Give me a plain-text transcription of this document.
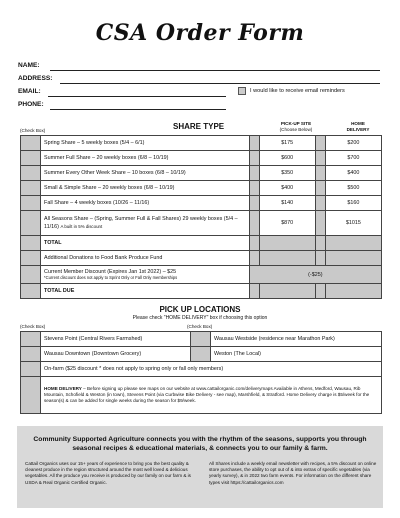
CSA Order Form
NAME:
ADDRESS:
EMAIL:	I would like to receive email reminders
PHONE:
(Check Box)	SHARE TYPE	PICK-UP SITE
(Choose Below)
HOME
DELIVERY
	Spring Share – 5 weekly boxes (5/4 – 6/1)		$175		$200
	Summer Full Share – 20 weekly boxes (6/8 – 10/19)		$600		$700
	Summer Every Other Week Share – 10 boxes (6/8 – 10/19)		$350		$400
	Small & Simple Share – 20 weekly boxes (6/8 – 10/19)		$400		$500
	Fall Share – 4 weekly boxes (10/26 – 11/16)		$140		$160
	All Seasons Share – (Spring, Summer Full & Fall Shares) 29 weekly boxes (5/4 – 11/16) A built in 5% discount		$870		$1015
	TOTAL				
	Additional Donations to Food Bank Produce Fund				

	Current Member Discount (Expires Jan 1st 2022) – $25
*Current discount does not apply to Sprint Only or Fall Only memberships	(-$25)			
	TOTAL DUE				
PICK UP LOCATIONS
Please check "HOME DELIVERY" box if choosing this option
(Check Box)	(Check Box)
	Stevens Point (Central Rivers Farmshed)		Wausau Westside (residence near Marathon Park)
	Wausau Downtown (Downtown Grocery)		Weston (The Local)
	On-farm ($25 discount * does not apply to spring only or fall only members)		
	HOME DELIVERY – Before signing up please see maps on our website at www.cattailorganic.com/deliverymaps Available in Athens, Medford, Wausau, Rib Mountain, Schofield & Weston (in town), Stevens Point (via Curbwise Bike Delivery - see map), Marshfield, & Stratford. Home Delivery charge is $5/week for the season(s) & can be added for single weeks during the season for $9/week.		
Community Supported Agriculture connects you with the rhythm of the seasons, supports you through seasonal recipes & educational materials, & connects you to our family & farm.
Cattail Organics uses our 15+ years of experience to bring you the best quality & cleanest produce in the region structured around the most well loved & delicious vegetables. All the produce you receive is produced by our family on our farm & is USDA & Real Organic Certified Organic.
All Shares include a weekly email newsletter with recipes, a 5% discount on online store purchases, the ability to opt out of & into extras of specific vegetables (via yearly survey), & in 2022 two farm events. For information on the different share types visit https://cattailorganics.com
